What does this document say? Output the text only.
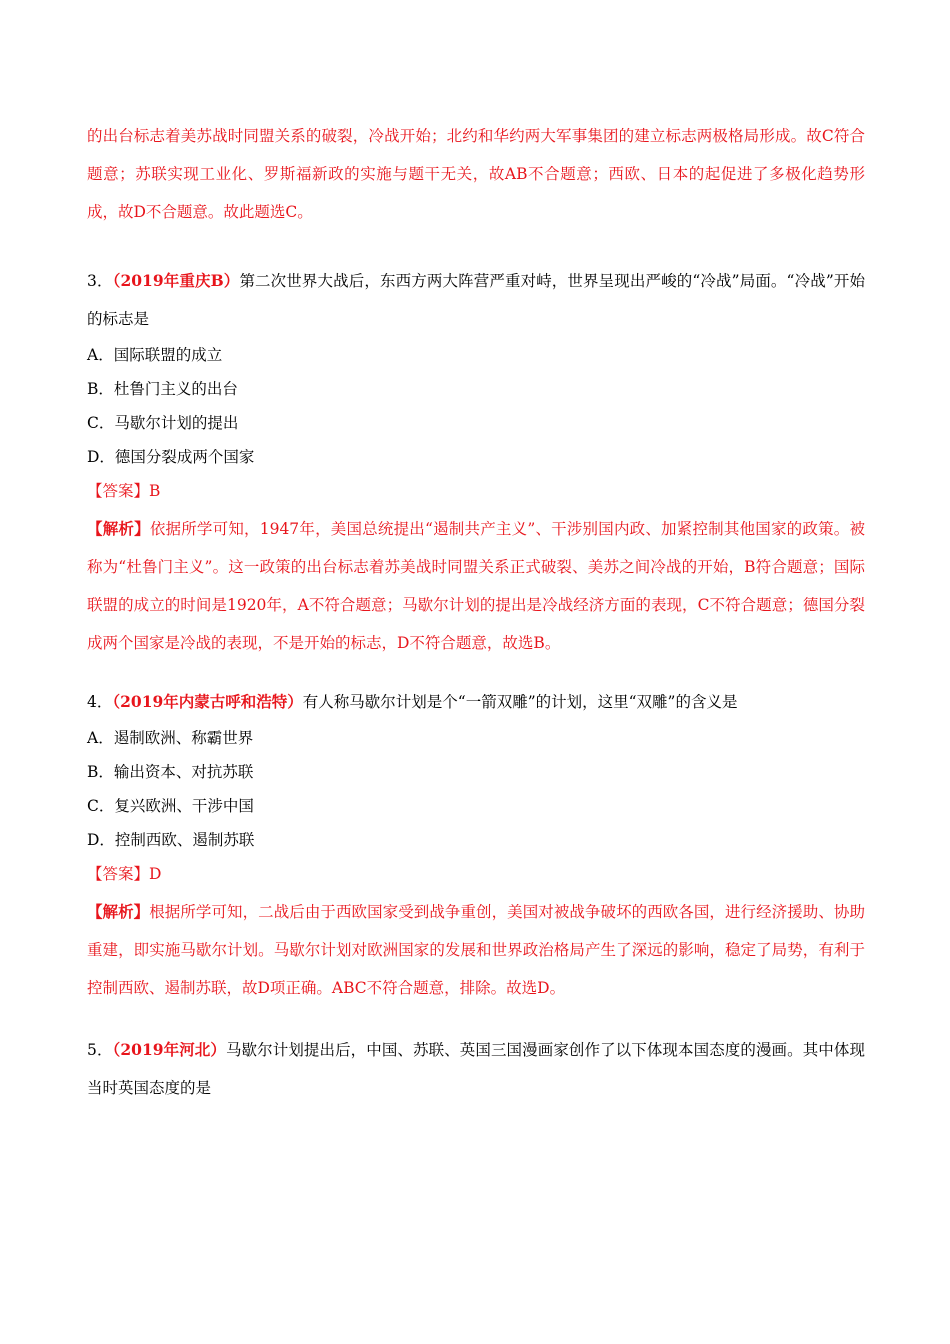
的出台标志着美苏战时同盟关系的破裂，冷战开始；北约和华约两大军事集团的建立标志两极格局形成。故C符合题意；苏联实现工业化、罗斯福新政的实施与题干无关，故AB不合题意；西欧、日本的起促进了多极化趋势形成，故D不合题意。故此题选C。

3．（2019年重庆B）第二次世界大战后，东西方两大阵营严重对峙，世界呈现出严峻的“冷战”局面。“冷战”开始的标志是

A．国际联盟的成立

B．杜鲁门主义的出台

C．马歇尔计划的提出

D．德国分裂成两个国家

【答案】B

【解析】依据所学可知，1947年，美国总统提出“遏制共产主义”、干涉别国内政、加紧控制其他国家的政策。被称为“杜鲁门主义”。这一政策的出台标志着苏美战时同盟关系正式破裂、美苏之间冷战的开始，B符合题意；国际联盟的成立的时间是1920年，A不符合题意；马歇尔计划的提出是冷战经济方面的表现，C不符合题意；德国分裂成两个国家是冷战的表现，不是开始的标志，D不符合题意，故选B。

4．（2019年内蒙古呼和浩特）有人称马歇尔计划是个“一箭双雕”的计划，这里“双雕”的含义是

A．遏制欧洲、称霸世界

B．输出资本、对抗苏联

C．复兴欧洲、干涉中国

D．控制西欧、遏制苏联

【答案】D

【解析】根据所学可知，二战后由于西欧国家受到战争重创，美国对被战争破坏的西欧各国，进行经济援助、协助重建，即实施马歇尔计划。马歇尔计划对欧洲国家的发展和世界政治格局产生了深远的影响，稳定了局势，有利于控制西欧、遏制苏联，故D项正确。ABC不符合题意，排除。故选D。

5．（2019年河北）马歇尔计划提出后，中国、苏联、英国三国漫画家创作了以下体现本国态度的漫画。其中体现当时英国态度的是
